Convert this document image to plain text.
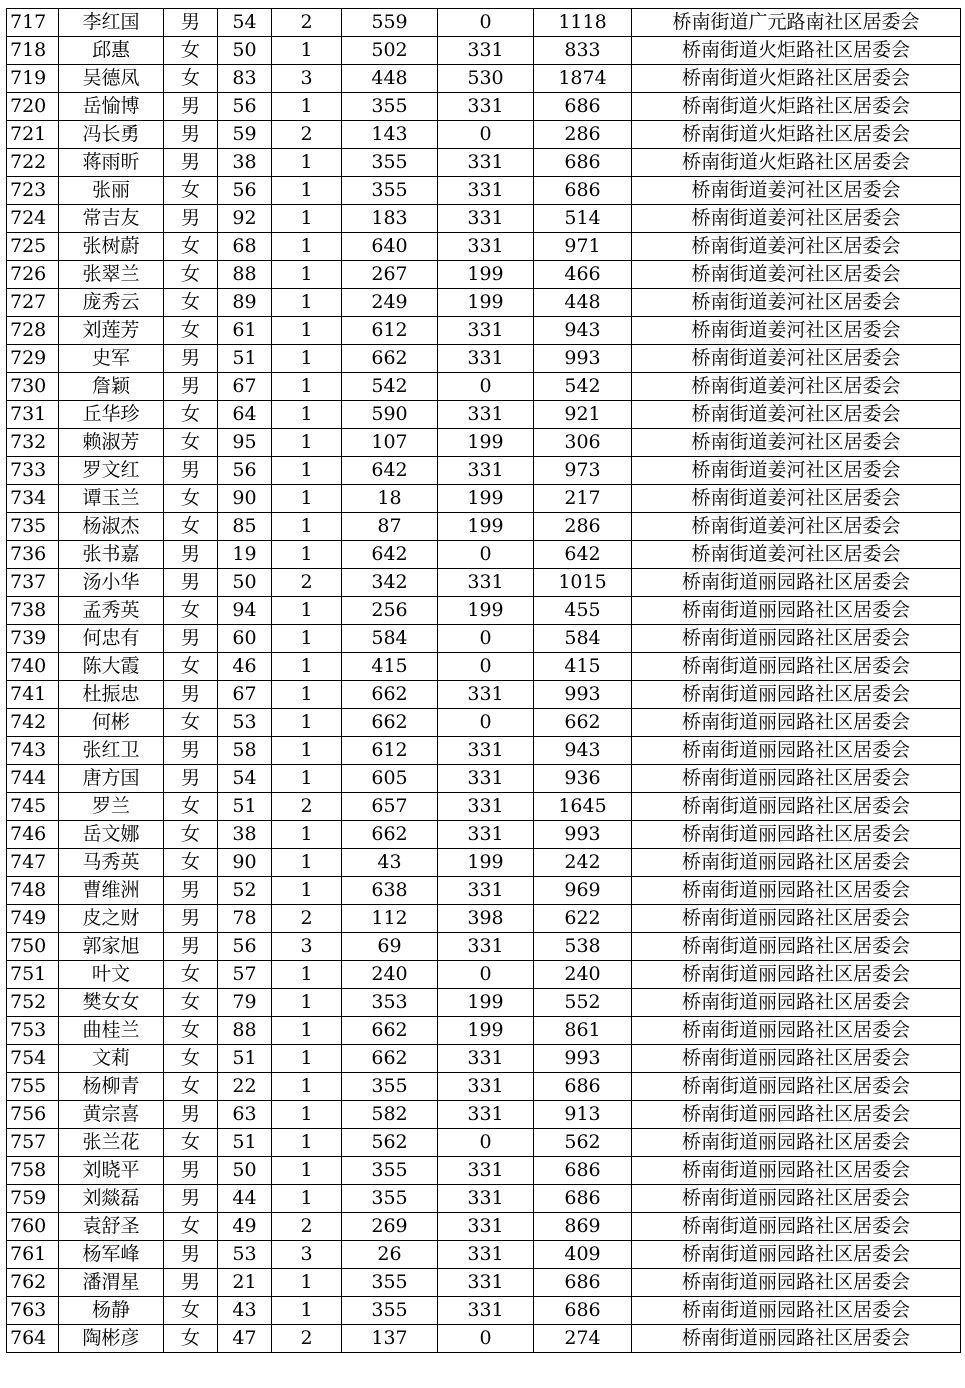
717	李红国	男	54	2	559	0	1118	桥南街道广元路南社区居委会
718	邱惠	女	50	1	502	331	833	桥南街道火炬路社区居委会
719	吴德凤	女	83	3	448	530	1874	桥南街道火炬路社区居委会
720	岳愉博	男	56	1	355	331	686	桥南街道火炬路社区居委会
721	冯长勇	男	59	2	143	0	286	桥南街道火炬路社区居委会
722	蒋雨昕	男	38	1	355	331	686	桥南街道火炬路社区居委会
723	张丽	女	56	1	355	331	686	桥南街道姜河社区居委会
724	常吉友	男	92	1	183	331	514	桥南街道姜河社区居委会
725	张树蔚	女	68	1	640	331	971	桥南街道姜河社区居委会
726	张翠兰	女	88	1	267	199	466	桥南街道姜河社区居委会
727	庞秀云	女	89	1	249	199	448	桥南街道姜河社区居委会
728	刘莲芳	女	61	1	612	331	943	桥南街道姜河社区居委会
729	史军	男	51	1	662	331	993	桥南街道姜河社区居委会
730	詹颖	男	67	1	542	0	542	桥南街道姜河社区居委会
731	丘华珍	女	64	1	590	331	921	桥南街道姜河社区居委会
732	赖淑芳	女	95	1	107	199	306	桥南街道姜河社区居委会
733	罗文红	男	56	1	642	331	973	桥南街道姜河社区居委会
734	谭玉兰	女	90	1	18	199	217	桥南街道姜河社区居委会
735	杨淑杰	女	85	1	87	199	286	桥南街道姜河社区居委会
736	张书嘉	男	19	1	642	0	642	桥南街道姜河社区居委会
737	汤小华	男	50	2	342	331	1015	桥南街道丽园路社区居委会
738	孟秀英	女	94	1	256	199	455	桥南街道丽园路社区居委会
739	何忠有	男	60	1	584	0	584	桥南街道丽园路社区居委会
740	陈大霞	女	46	1	415	0	415	桥南街道丽园路社区居委会
741	杜振忠	男	67	1	662	331	993	桥南街道丽园路社区居委会
742	何彬	女	53	1	662	0	662	桥南街道丽园路社区居委会
743	张红卫	男	58	1	612	331	943	桥南街道丽园路社区居委会
744	唐方国	男	54	1	605	331	936	桥南街道丽园路社区居委会
745	罗兰	女	51	2	657	331	1645	桥南街道丽园路社区居委会
746	岳文娜	女	38	1	662	331	993	桥南街道丽园路社区居委会
747	马秀英	女	90	1	43	199	242	桥南街道丽园路社区居委会
748	曹维洲	男	52	1	638	331	969	桥南街道丽园路社区居委会
749	皮之财	男	78	2	112	398	622	桥南街道丽园路社区居委会
750	郭家旭	男	56	3	69	331	538	桥南街道丽园路社区居委会
751	叶文	女	57	1	240	0	240	桥南街道丽园路社区居委会
752	樊女女	女	79	1	353	199	552	桥南街道丽园路社区居委会
753	曲桂兰	女	88	1	662	199	861	桥南街道丽园路社区居委会
754	文莉	女	51	1	662	331	993	桥南街道丽园路社区居委会
755	杨柳青	女	22	1	355	331	686	桥南街道丽园路社区居委会
756	黄宗喜	男	63	1	582	331	913	桥南街道丽园路社区居委会
757	张兰花	女	51	1	562	0	562	桥南街道丽园路社区居委会
758	刘晓平	男	50	1	355	331	686	桥南街道丽园路社区居委会
759	刘燚磊	男	44	1	355	331	686	桥南街道丽园路社区居委会
760	袁舒圣	女	49	2	269	331	869	桥南街道丽园路社区居委会
761	杨军峰	男	53	3	26	331	409	桥南街道丽园路社区居委会
762	潘渭星	男	21	1	355	331	686	桥南街道丽园路社区居委会
763	杨静	女	43	1	355	331	686	桥南街道丽园路社区居委会
764	陶彬彦	女	47	2	137	0	274	桥南街道丽园路社区居委会
